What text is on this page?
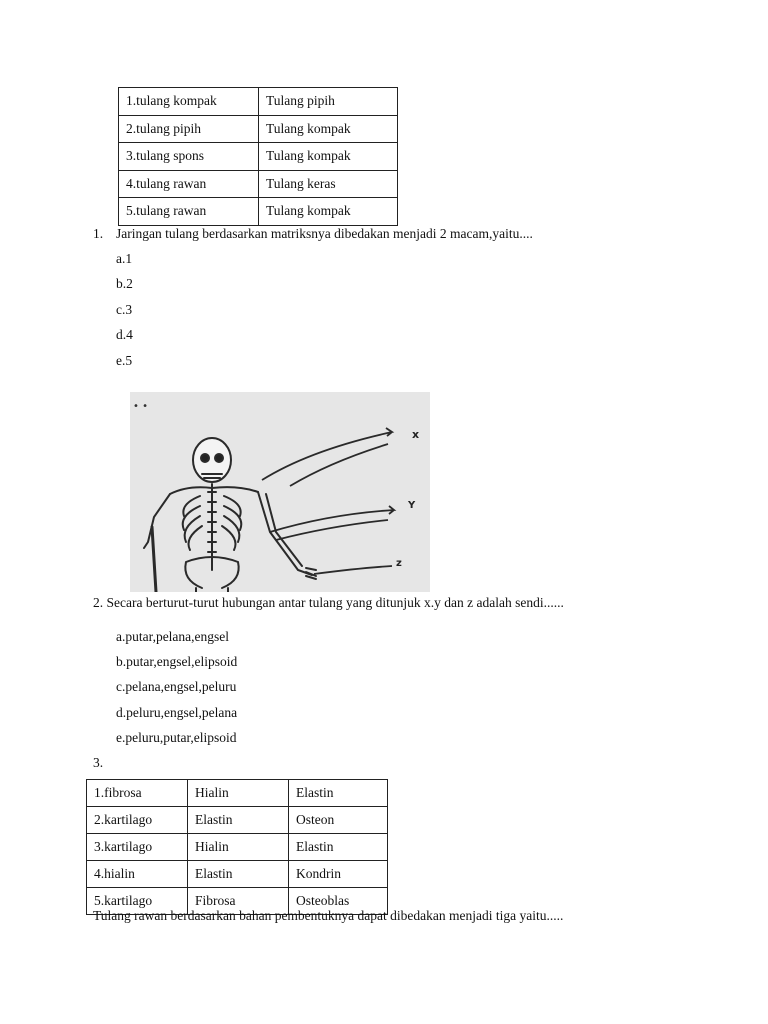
1.tulang kompak	Tulang pipih
2.tulang pipih	Tulang kompak
3.tulang spons	Tulang kompak
4.tulang rawan	Tulang keras
5.tulang rawan	Tulang kompak
1. Jaringan tulang berdasarkan matriksnya dibedakan menjadi 2 macam,yaitu....
a.1
b.2
c.3
d.4
e.5
• •
x
Y
z
2. Secara berturut-turut hubungan antar tulang yang ditunjuk x.y dan z adalah sendi......
a.putar,pelana,engsel
b.putar,engsel,elipsoid
c.pelana,engsel,peluru
d.peluru,engsel,pelana
e.peluru,putar,elipsoid
3.
1.fibrosa	Hialin	Elastin
2.kartilago	Elastin	Osteon
3.kartilago	Hialin	Elastin
4.hialin	Elastin	Kondrin
5.kartilago	Fibrosa	Osteoblas
Tulang rawan berdasarkan bahan pembentuknya dapat dibedakan menjadi tiga yaitu.....
